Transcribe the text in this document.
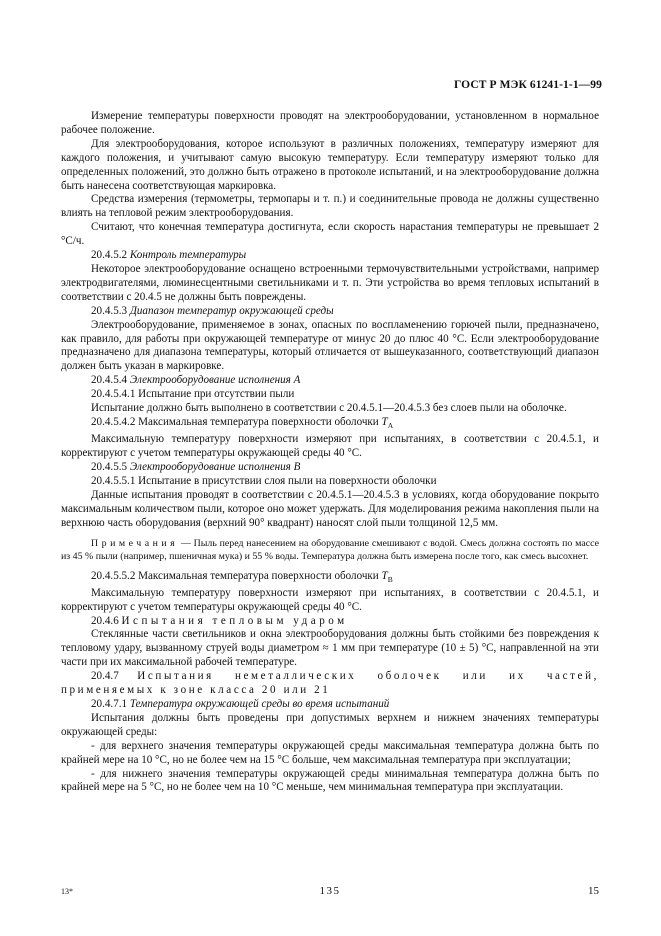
ГОСТ Р МЭК 61241-1-1—99

Измерение температуры поверхности проводят на электрооборудовании, установленном в нормальное рабочее положение.

Для электрооборудования, которое используют в различных положениях, температуру измеряют для каждого положения, и учитывают самую высокую температуру. Если температуру измеряют только для определенных положений, это должно быть отражено в протоколе испытаний, и на электрооборудование должна быть нанесена соответствующая маркировка.

Средства измерения (термометры, термопары и т. п.) и соединительные провода не должны существенно влиять на тепловой режим электрооборудования.

Считают, что конечная температура достигнута, если скорость нарастания температуры не превышает 2 °С/ч.

20.4.5.2 Контроль температуры

Некоторое электрооборудование оснащено встроенными термочувствительными устройствами, например электродвигателями, люминесцентными светильниками и т. п. Эти устройства во время тепловых испытаний в соответствии с 20.4.5 не должны быть повреждены.

20.4.5.3 Диапазон температур окружающей среды

Электрооборудование, применяемое в зонах, опасных по воспламенению горючей пыли, предназначено, как правило, для работы при окружающей температуре от минус 20 до плюс 40 °С. Если электрооборудование предназначено для диапазона температуры, который отличается от вышеуказанного, соответствующий диапазон должен быть указан в маркировке.

20.4.5.4 Электрооборудование исполнения А

20.4.5.4.1 Испытание при отсутствии пыли

Испытание должно быть выполнено в соответствии с 20.4.5.1—20.4.5.3 без слоев пыли на оболочке.

20.4.5.4.2 Максимальная температура поверхности оболочки $T_A$

Максимальную температуру поверхности измеряют при испытаниях, в соответствии с 20.4.5.1, и корректируют с учетом температуры окружающей среды 40 °С.

20.4.5.5 Электрооборудование исполнения В

20.4.5.5.1 Испытание в присутствии слоя пыли на поверхности оболочки

Данные испытания проводят в соответствии с 20.4.5.1—20.4.5.3 в условиях, когда оборудование покрыто максимальным количеством пыли, которое оно может удержать. Для моделирования режима накопления пыли на верхнюю часть оборудования (верхний 90° квадрант) наносят слой пыли толщиной 12,5 мм.

Примечания — Пыль перед нанесением на оборудование смешивают с водой. Смесь должна состоять по массе из 45 % пыли (например, пшеничная мука) и 55 % воды. Температура должна быть измерена после того, как смесь высохнет.

20.4.5.5.2 Максимальная температура поверхности оболочки $T_B$

Максимальную температуру поверхности измеряют при испытаниях, в соответствии с 20.4.5.1, и корректируют с учетом температуры окружающей среды 40 °С.

20.4.6 Испытания тепловым ударом

Стеклянные части светильников и окна электрооборудования должны быть стойкими без повреждения к тепловому удару, вызванному струей воды диаметром ≈ 1 мм при температуре (10 ± 5) °С, направленной на эти части при их максимальной рабочей температуре.

20.4.7 Испытания неметаллических оболочек или их частей, применяемых к зоне класса 20 или 21

20.4.7.1 Температура окружающей среды во время испытаний

Испытания должны быть проведены при допустимых верхнем и нижнем значениях температуры окружающей среды:

- для верхнего значения температуры окружающей среды максимальная температура должна быть по крайней мере на 10 °С, но не более чем на 15 °С больше, чем максимальная температура при эксплуатации;

- для нижнего значения температуры окружающей среды минимальная температура должна быть по крайней мере на 5 °С, но не более чем на 10 °С меньше, чем минимальная температура при эксплуатации.

13*	135	15
